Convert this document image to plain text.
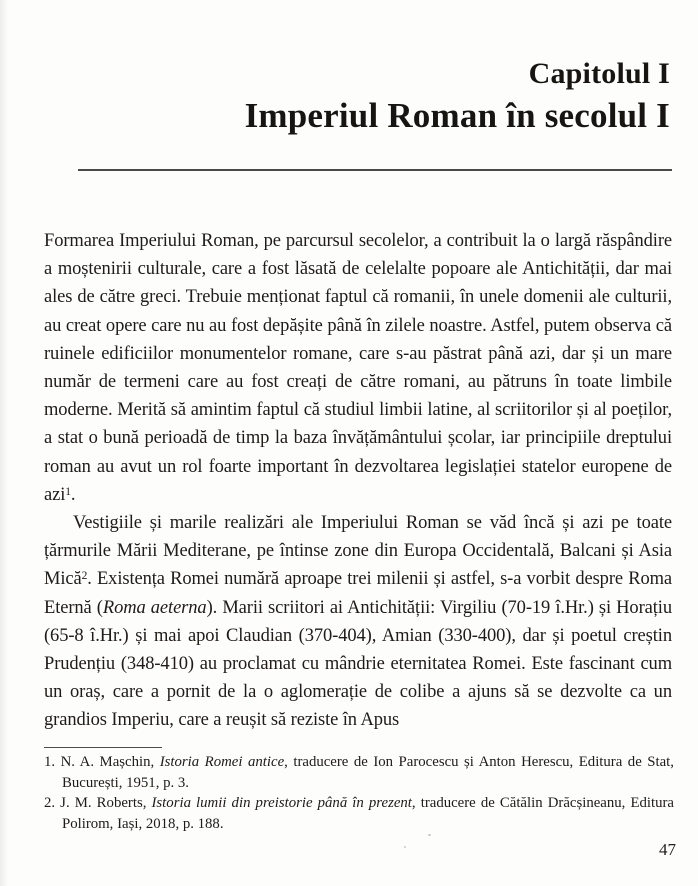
Capitolul I
Imperiul Roman în secolul I

Formarea Imperiului Roman, pe parcursul secolelor, a contribuit la o largă răspândire a moștenirii culturale, care a fost lăsată de celelalte popoare ale Antichității, dar mai ales de către greci. Trebuie menționat faptul că romanii, în unele domenii ale culturii, au creat opere care nu au fost depășite până în zilele noastre. Astfel, putem observa că ruinele edificiilor monumentelor romane, care s-au păstrat până azi, dar și un mare număr de termeni care au fost creați de către romani, au pătruns în toate limbile moderne. Merită să amintim faptul că studiul limbii latine, al scriitorilor și al poeților, a stat o bună perioadă de timp la baza învățământului școlar, iar principiile dreptului roman au avut un rol foarte important în dezvoltarea legislației statelor europene de azi$^1$.

Vestigiile și marile realizări ale Imperiului Roman se văd încă și azi pe toate țărmurile Mării Mediterane, pe întinse zone din Europa Occidentală, Balcani și Asia Mică$^2$. Existența Romei numără aproape trei milenii și astfel, s-a vorbit despre Roma Eternă (Roma aeterna). Marii scriitori ai Antichității: Virgiliu (70-19 î.Hr.) și Horațiu (65-8 î.Hr.) și mai apoi Claudian (370-404), Amian (330-400), dar și poetul creștin Prudențiu (348-410) au proclamat cu mândrie eternitatea Romei. Este fascinant cum un oraș, care a pornit de la o aglomerație de colibe a ajuns să se dezvolte ca un grandios Imperiu, care a reușit să reziste în Apus

1. N. A. Mașchin, Istoria Romei antice, traducere de Ion Parocescu și Anton Herescu, Editura de Stat, București, 1951, p. 3.

2. J. M. Roberts, Istoria lumii din preistorie până în prezent, traducere de Cătălin Drăcșineanu, Editura Polirom, Iași, 2018, p. 188.

47
